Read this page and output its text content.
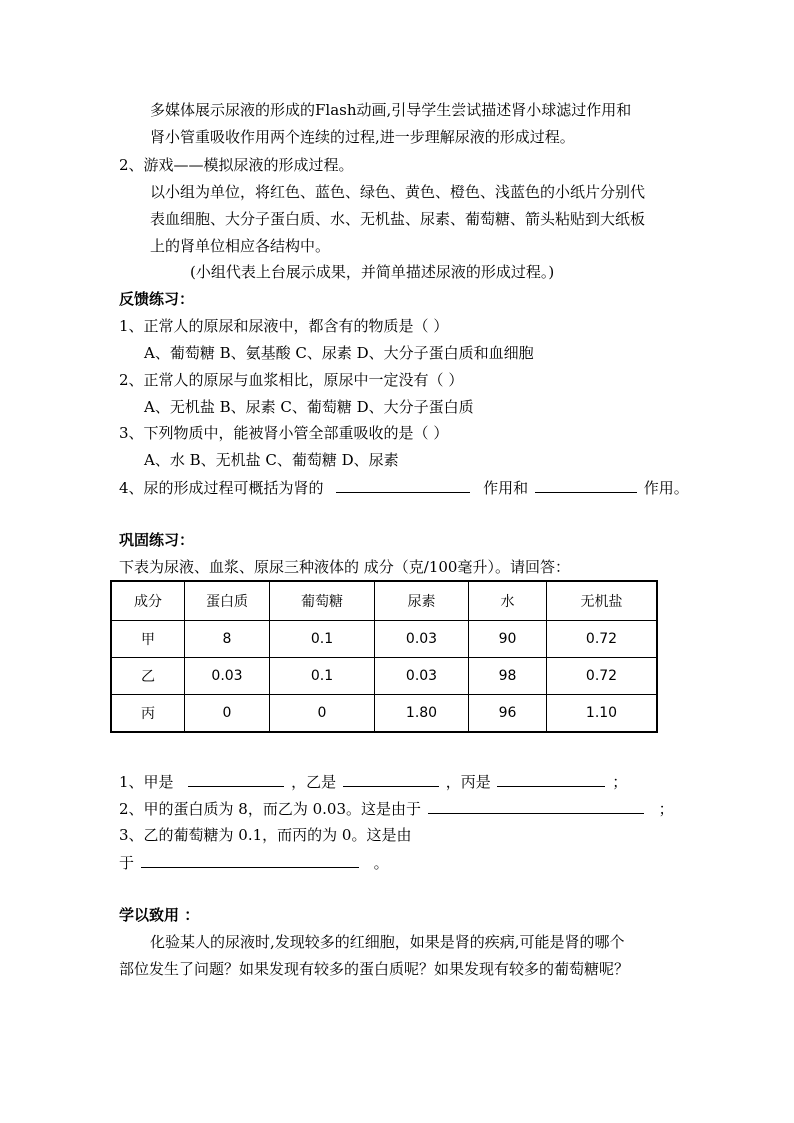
多媒体展示尿液的形成的Flash动画,引导学生尝试描述肾小球滤过作用和
肾小管重吸收作用两个连续的过程,进一步理解尿液的形成过程。
2、游戏——模拟尿液的形成过程。
以小组为单位，将红色、蓝色、绿色、黄色、橙色、浅蓝色的小纸片分别代
表血细胞、大分子蛋白质、水、无机盐、尿素、葡萄糖、箭头粘贴到大纸板
上的肾单位相应各结构中。
(小组代表上台展示成果，并简单描述尿液的形成过程。)
反馈练习：
1、正常人的原尿和尿液中，都含有的物质是（ ）
A、葡萄糖 B、氨基酸 C、尿素 D、大分子蛋白质和血细胞
2、正常人的原尿与血浆相比，原尿中一定没有（ ）
A、无机盐 B、尿素 C、葡萄糖 D、大分子蛋白质
3、下列物质中，能被肾小管全部重吸收的是（ ）
A、水 B、无机盐 C、葡萄糖 D、尿素
4、尿的形成过程可概括为肾的	作用和	作用。
巩固练习：
下表为尿液、血浆、原尿三种液体的 成分（克/100毫升）。请回答：
成分	蛋白质	葡萄糖	尿素	水	无机盐
甲	8	0.1	0.03	90	0.72
乙	0.03	0.1	0.03	98	0.72
丙	0	0	1.80	96	1.10
1、甲是	，乙是	，丙是	；
2、甲的蛋白质为 8，而乙为 0.03。这是由于	；
3、乙的葡萄糖为 0.1，而丙的为 0。这是由
于	。
学以致用 ：
化验某人的尿液时,发现较多的红细胞，如果是肾的疾病,可能是肾的哪个
部位发生了问题？如果发现有较多的蛋白质呢？如果发现有较多的葡萄糖呢？
